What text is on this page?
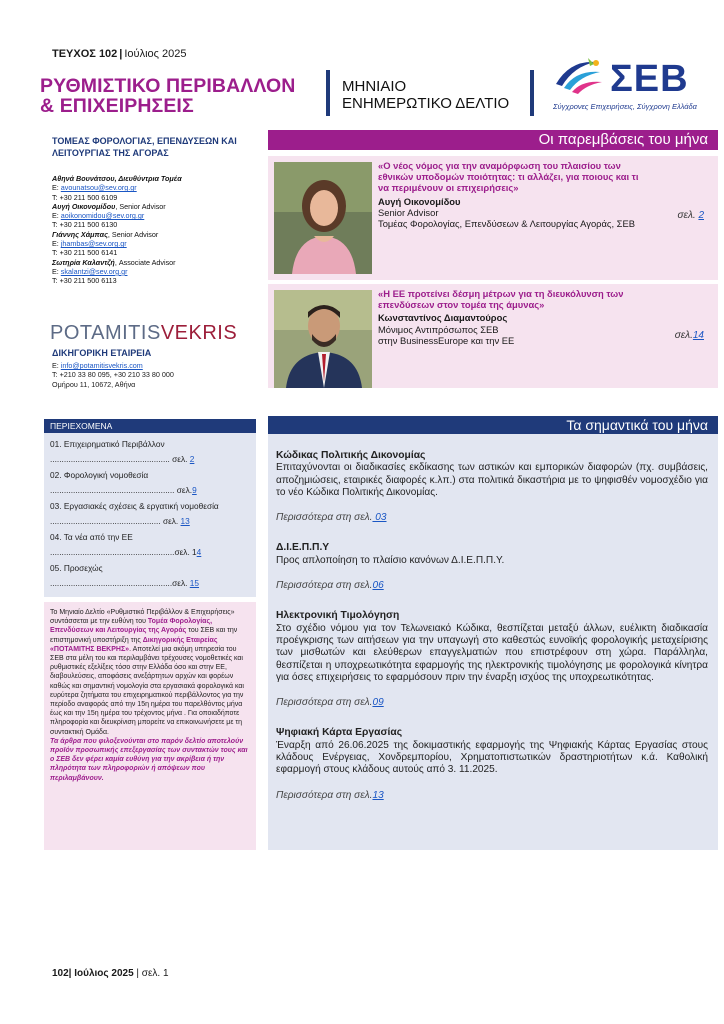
ΤΕΥΧΟΣ 102 | Ιούλιος 2025
ΡΥΘΜΙΣΤΙΚΟ ΠΕΡΙΒΑΛΛΟΝ
& ΕΠΙΧΕΙΡΗΣΕΙΣ
ΜΗΝΙΑΙΟ
ΕΝΗΜΕΡΩΤΙΚΟ ΔΕΛΤΙΟ
ΣΕΒ
Σύγχρονες Επιχειρήσεις, Σύγχρονη Ελλάδα
ΤΟΜΕΑΣ ΦΟΡΟΛΟΓΙΑΣ, ΕΠΕΝΔΥΣΕΩΝ ΚΑΙ ΛΕΙΤΟΥΡΓΙΑΣ ΤΗΣ ΑΓΟΡΑΣ
Αθηνά Βουνάτσου, Διευθύντρια Τομέα
E: avounatsou@sev.org.gr
T: +30 211 500 6109
Αυγή Οικονομίδου, Senior Advisor
E: aoikonomidou@sev.org.gr
T: +30 211 500 6130
Γιάννης Χάμπας, Senior Advisor
E: jhambas@sev.org.gr
T: +30 211 500 6141
Σωτηρία Καλαντζή, Associate Advisor
E: skalantzi@sev.org.gr
T: +30 211 500 6113
POTAMITISVEKRIS
ΔΙΚΗΓΟΡΙΚΗ ΕΤΑΙΡΕΙΑ
E: info@potamitisvekris.com
T: +210 33 80 095, +30 210 33 80 000
Ομήρου 11, 10672, Αθήνα
ΠΕΡΙΕΧΟΜΕΝΑ
01. Επιχειρηματικό Περιβάλλον
.................................................... σελ. 2
02. Φορολογική νομοθεσία
...................................................... σελ.9
03. Εργασιακές σχέσεις & εργατική νομοθεσία
................................................ σελ. 13
04. Τα νέα από την ΕΕ
......................................................σελ. 14
05. Προσεχώς
.....................................................σελ. 15

Το Μηνιαίο Δελτίο «Ρυθμιστικό Περιβάλλον & Επιχειρήσεις» συντάσσεται με την ευθύνη του Τομέα Φορολογίας, Επενδύσεων και Λειτουργίας της Αγοράς του ΣΕΒ και την επιστημονική υποστήριξη της Δικηγορικής Εταιρείας «ΠΟΤΑΜΙΤΗΣ ΒΕΚΡΗΣ». Αποτελεί μια ακόμη υπηρεσία του ΣΕΒ στα μέλη του και περιλαμβάνει τρέχουσες νομοθετικές και ρυθμιστικές εξελίξεις τόσο στην Ελλάδα όσο και στην ΕΕ, διαβουλεύσεις, αποφάσεις ανεξάρτητων αρχών και φορέων καθώς και σημαντική νομολογία στα εργασιακά φορολογικά και ευρύτερα ζητήματα του επιχειρηματικού περιβάλλοντος για την περίοδο αναφοράς από την 15η ημέρα του παρελθόντος μήνα έως και την 15η ημέρα του τρέχοντος μήνα . Για οποιαδήποτε πληροφορία και διευκρίνιση μπορείτε να επικοινωνήσετε με τη συντακτική Ομάδα.

Τα άρθρα που φιλοξενούνται στο παρόν δελτίο αποτελούν προϊόν προσωπικής επεξεργασίας των συντακτών τους και ο ΣΕΒ δεν φέρει καμία ευθύνη για την ακρίβεια ή την πληρότητα των πληροφοριών ή απόψεων που περιλαμβάνουν.

Οι παρεμβάσεις του μήνα
«Ο νέος νόμος για την αναμόρφωση του πλαισίου των εθνικών υποδομών ποιότητας: τι αλλάζει, για ποιους και τι να περιμένουν οι επιχειρήσεις»
Αυγή Οικονομίδου
Senior Advisor
Τομέας Φορολογίας, Επενδύσεων & Λειτουργίας Αγοράς, ΣΕΒ
σελ. 2
«Η ΕΕ προτείνει δέσμη μέτρων για τη διευκόλυνση των επενδύσεων στον τομέα της άμυνας»
Κωνσταντίνος Διαμαντούρος
Μόνιμος Αντιπρόσωπος ΣΕΒ
στην BusinessEurope και την ΕΕ	σελ.14
Τα σημαντικά του μήνα
Κώδικας Πολιτικής Δικονομίας
Επιταχύνονται οι διαδικασίες εκδίκασης των αστικών και εμπορικών διαφορών (πχ. συμβάσεις, αποζημιώσεις, εταιρικές διαφορές κ.λπ.) στα πολιτικά δικαστήρια με το ψηφισθέν νομοσχέδιο για το νέο Κώδικα Πολιτικής Δικονομίας.
Περισσότερα στη σελ. 03
Δ.Ι.Ε.Π.Π.Υ
Προς απλοποίηση το πλαίσιο κανόνων Δ.Ι.Ε.Π.Π.Υ.
Περισσότερα στη σελ.06
Ηλεκτρονική Τιμολόγηση
Στο σχέδιο νόμου για τον Τελωνειακό Κώδικα, θεσπίζεται μεταξύ άλλων, ευέλικτη διαδικασία προέγκρισης των αιτήσεων για την υπαγωγή στο καθεστώς ευνοϊκής φορολογικής μεταχείρισης των μισθωτών και ελεύθερων επαγγελματιών που επιστρέφουν στη χώρα. Παράλληλα, θεσπίζεται η υποχρεωτικότητα εφαρμογής της ηλεκτρονικής τιμολόγησης με φορολογικά κίνητρα για όσες επιχειρήσεις το εφαρμόσουν πριν την έναρξη ισχύος της υποχρεωτικότητας.
Περισσότερα στη σελ.09
Ψηφιακή Κάρτα Εργασίας
Έναρξη από 26.06.2025 της δοκιμαστικής εφαρμογής της Ψηφιακής Κάρτας Εργασίας στους κλάδους Ενέργειας, Χονδρεμπορίου, Χρηματοπιστωτικών δραστηριοτήτων κ.ά. Καθολική εφαρμογή στους κλάδους αυτούς από 3. 11.2025.
Περισσότερα στη σελ.13
102| Ιούλιος 2025 | σελ. 1
